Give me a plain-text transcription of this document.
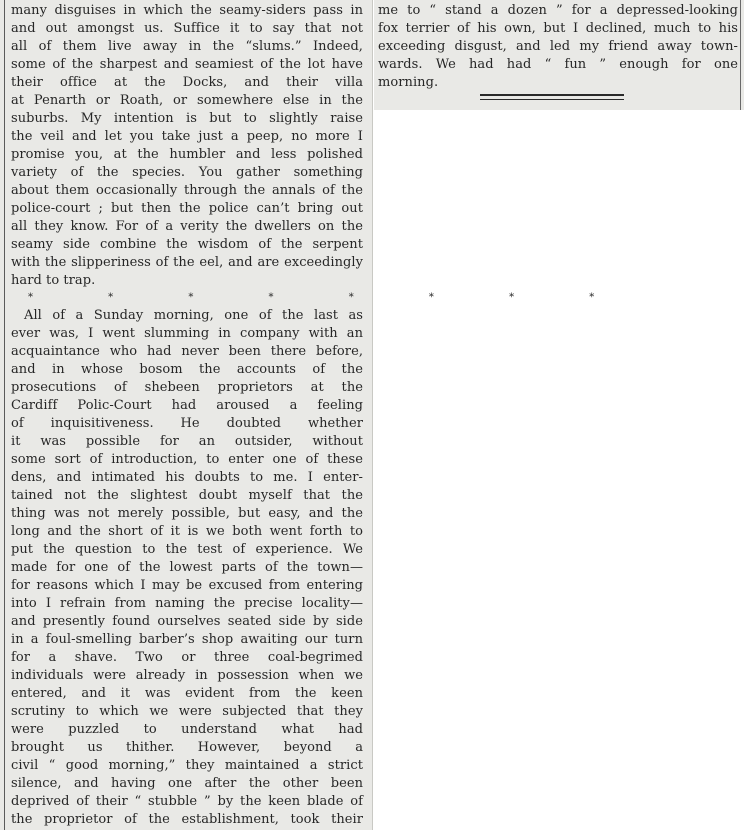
many disguises in which the seamy-siders pass in
and out amongst us. Suffice it to say that not
all of them live away in the “slums.” Indeed,
some of the sharpest and seamiest of the lot have
their office at the Docks, and their villa
at Penarth or Roath, or somewhere else in the
suburbs. My intention is but to slightly raise
the veil and let you take just a peep, no more I
promise you, at the humbler and less polished
variety of the species. You gather something
about them occasionally through the annals of the
police-court ; but then the police can’t bring out
all they know. For of a verity the dwellers on the
seamy side combine the wisdom of the serpent
with the slipperiness of the eel, and are exceedingly
hard to trap.
* * * * * * * *
All of a Sunday morning, one of the last as
ever was, I went slumming in company with an
acquaintance who had never been there before,
and in whose bosom the accounts of the
prosecutions of shebeen proprietors at the
Cardiff Polic-Court had aroused a feeling
of inquisitiveness. He doubted whether
it was possible for an outsider, without
some sort of introduction, to enter one of these
dens, and intimated his doubts to me. I enter-
tained not the slightest doubt myself that the
thing was not merely possible, but easy, and the
long and the short of it is we both went forth to
put the question to the test of experience. We
made for one of the lowest parts of the town—
for reasons which I may be excused from entering
into I refrain from naming the precise locality—
and presently found ourselves seated side by side
in a foul-smelling barber’s shop awaiting our turn
for a shave. Two or three coal-begrimed
individuals were already in possession when we
entered, and it was evident from the keen
scrutiny to which we were subjected that they
were puzzled to understand what had
brought us thither. However, beyond a
civil “ good morning,” they maintained a strict
silence, and having one after the other been
deprived of their “ stubble ” by the keen blade of
the proprietor of the establishment, took their
me to “ stand a dozen ” for a depressed-looking
fox terrier of his own, but I declined, much to his
exceeding disgust, and led my friend away town-
wards. We had had “ fun ” enough for one
morning.
